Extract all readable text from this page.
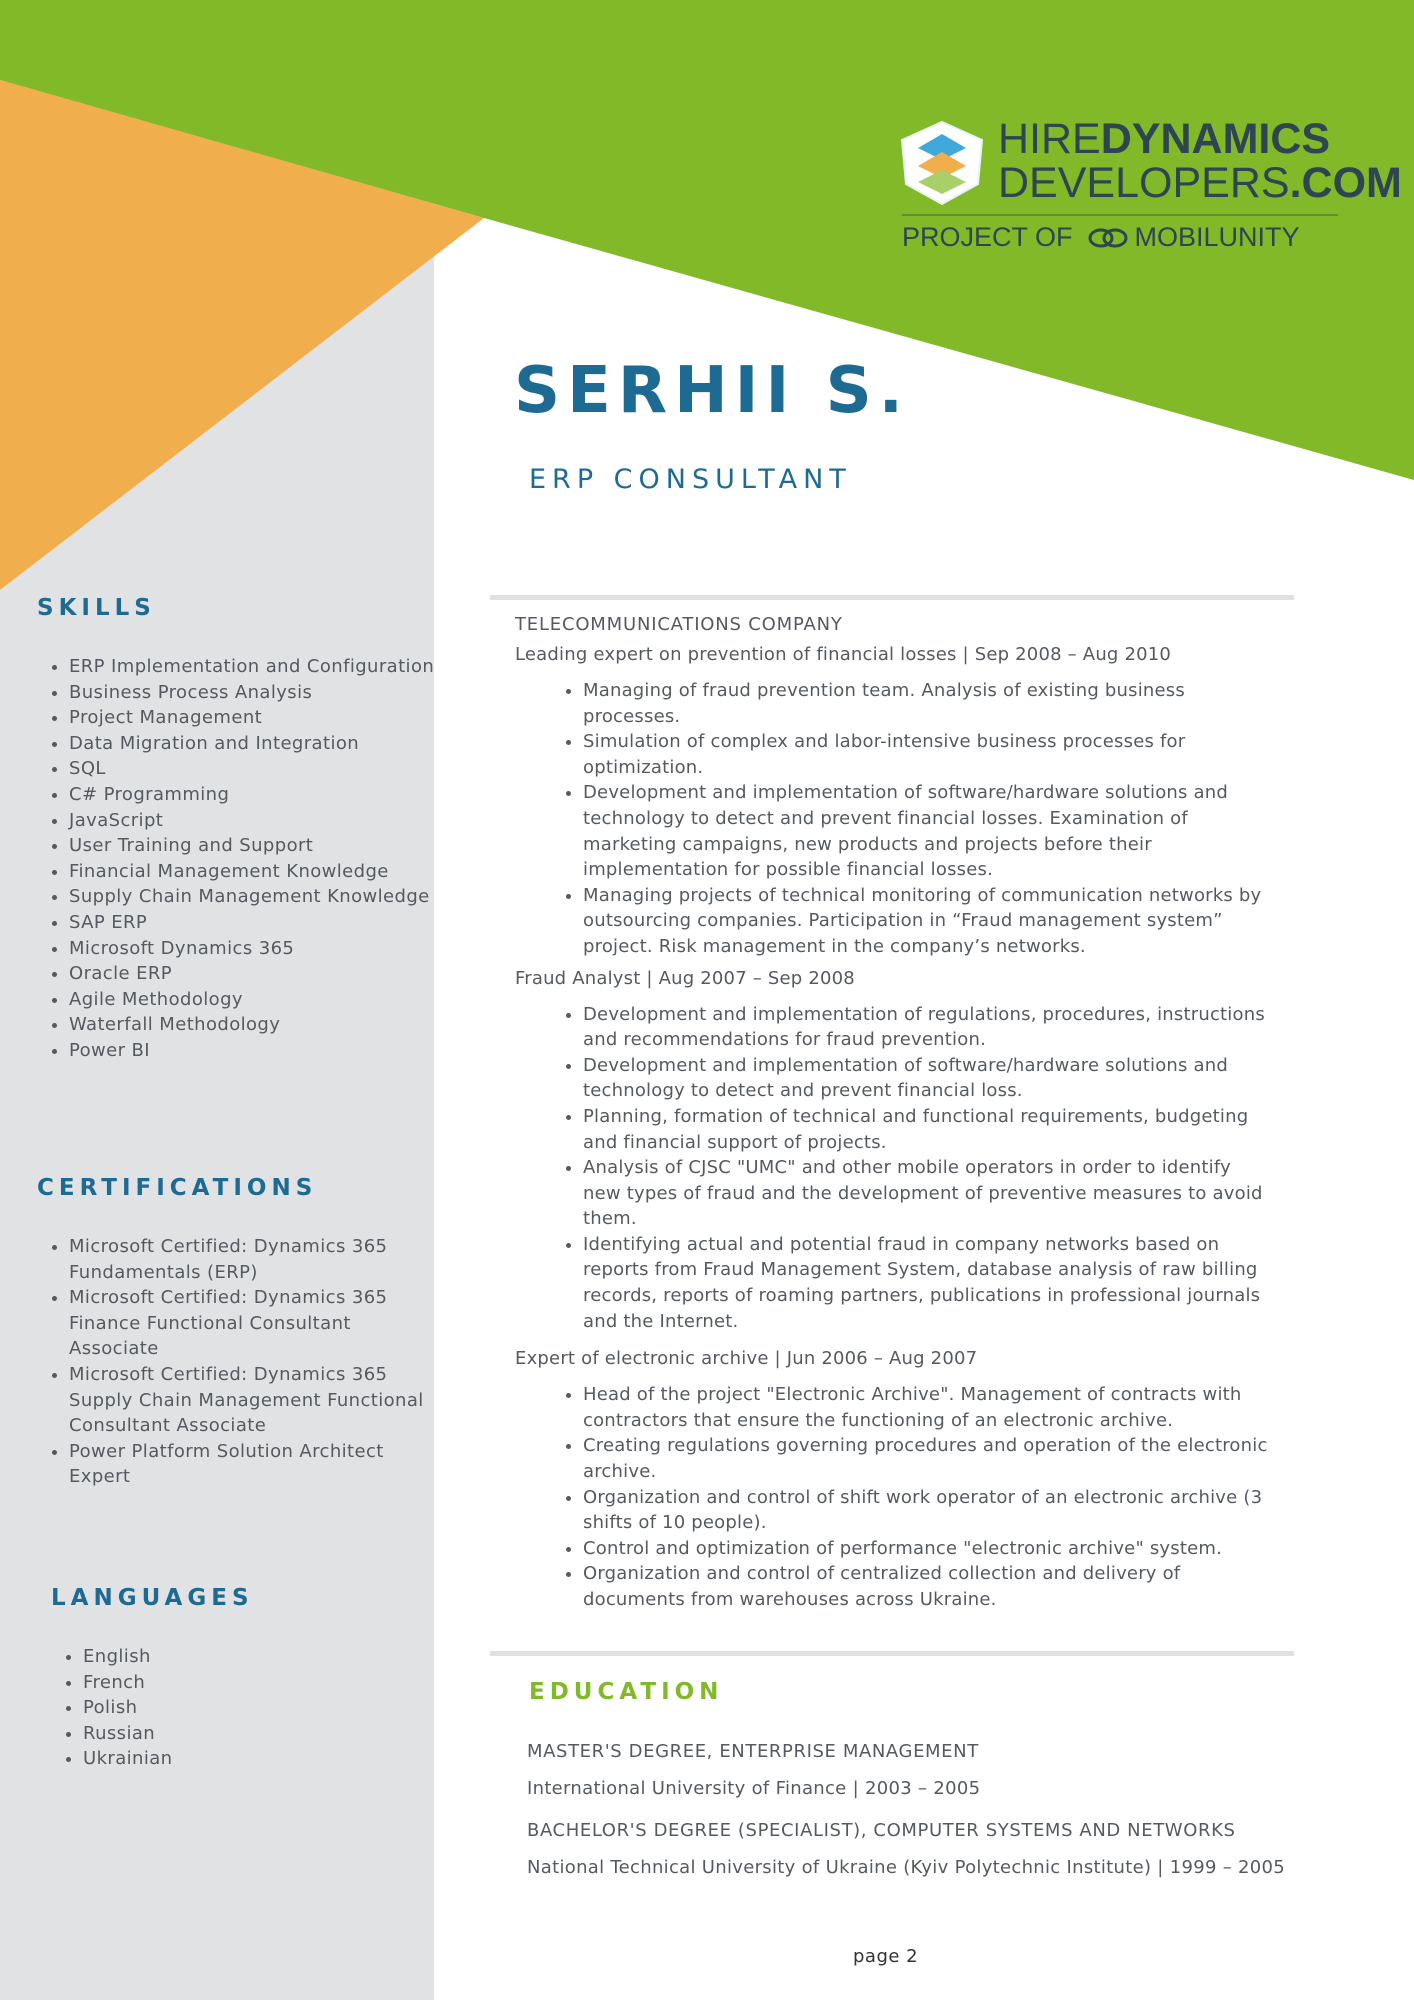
HIREDYNAMICS
DEVELOPERS.COM
PROJECT OF MOBILUNITY
SERHII S.
ERP CONSULTANT
SKILLS
• ERP Implementation and Configuration
• Business Process Analysis
• Project Management
• Data Migration and Integration
• SQL
• C# Programming
• JavaScript
• User Training and Support
• Financial Management Knowledge
• Supply Chain Management Knowledge
• SAP ERP
• Microsoft Dynamics 365
• Oracle ERP
• Agile Methodology
• Waterfall Methodology
• Power BI
CERTIFICATIONS
• Microsoft Certified: Dynamics 365 Fundamentals (ERP)
• Microsoft Certified: Dynamics 365 Finance Functional Consultant Associate
• Microsoft Certified: Dynamics 365 Supply Chain Management Functional Consultant Associate
• Power Platform Solution Architect Expert
LANGUAGES
• English
• French
• Polish
• Russian
• Ukrainian

TELECOMMUNICATIONS COMPANY

Leading expert on prevention of financial losses | Sep 2008 – Aug 2010

• Managing of fraud prevention team. Analysis of existing business processes.
• Simulation of complex and labor-intensive business processes for optimization.
• Development and implementation of software/hardware solutions and technology to detect and prevent financial losses. Examination of marketing campaigns, new products and projects before their implementation for possible financial losses.
• Managing projects of technical monitoring of communication networks by outsourcing companies. Participation in “Fraud management system” project. Risk management in the company’s networks.

Fraud Analyst | Aug 2007 – Sep 2008

• Development and implementation of regulations, procedures, instructions and recommendations for fraud prevention.
• Development and implementation of software/hardware solutions and technology to detect and prevent financial loss.
• Planning, formation of technical and functional requirements, budgeting and financial support of projects.
• Analysis of CJSC "UMC" and other mobile operators in order to identify new types of fraud and the development of preventive measures to avoid them.
• Identifying actual and potential fraud in company networks based on reports from Fraud Management System, database analysis of raw billing records, reports of roaming partners, publications in professional journals and the Internet.

Expert of electronic archive | Jun 2006 – Aug 2007

• Head of the project "Electronic Archive". Management of contracts with contractors that ensure the functioning of an electronic archive.
• Creating regulations governing procedures and operation of the electronic archive.
• Organization and control of shift work operator of an electronic archive (3 shifts of 10 people).
• Control and optimization of performance "electronic archive" system.
• Organization and control of centralized collection and delivery of documents from warehouses across Ukraine.
EDUCATION
MASTER'S DEGREE, ENTERPRISE MANAGEMENT
International University of Finance | 2003 – 2005
BACHELOR'S DEGREE (SPECIALIST), COMPUTER SYSTEMS AND NETWORKS
National Technical University of Ukraine (Kyiv Polytechnic Institute) | 1999 – 2005
page 2
